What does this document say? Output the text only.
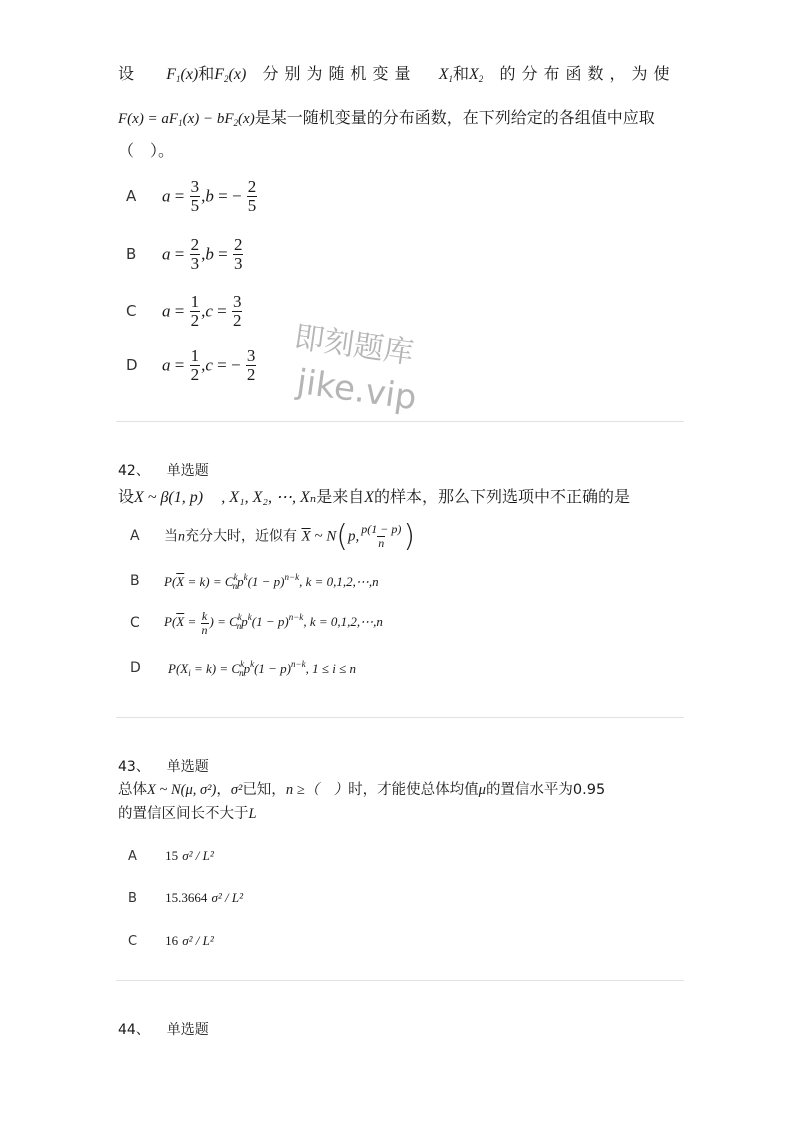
设 $F_1(x)$和$F_2(x)$ 分别为随机变量 $X_1$和$X_2$ 的分布函数，为使
$F(x) = aF_1(x) - bF_2(x)$是某一随机变量的分布函数，在下列给定的各组值中应取
（　）。
A	$a = \frac{3}{5} ,b$ = − $\frac{2}{5}$
B	$a = \frac{2}{3} ,b = \frac{2}{3}$
C	$a = \frac{1}{2} ,c = \frac{3}{2}$
D	$a = \frac{1}{2} ,c$ = − $\frac{3}{2}$ 即刻题库
jike.vip
42、 单选题
设X ~ β(1, p) , X₁, X₂, ⋯, Xₙ是来自X的样本，那么下列选项中不正确的是
A	当n充分大时，近似有 $\overline{X}$ ~ N(p, $\frac{p(1 - p)}{n}$ )
B	$P(\overline{X} = k) = C^k_np^k(1 - p)^{n-k}$, k = 0,1,2,⋯,n
C	$P(\overline{X} = \frac{k}{n}$ ) = $C^k_np^k(1 - p)^{n-k}$, k = 0,1,2,⋯,n
D	$P(X_i = k) = C^k_np^k(1 - p)^{n-k}$, 1 ≤ i ≤ n
43、 单选题
总体X ~ N(μ, σ²)，σ²已知，n ≥（　）时，才能使总体均值μ的置信水平为0.95
的置信区间长不大于L
A 15 σ² / L²
B 15.3664 σ² / L²
C 16 σ² / L²
44、 单选题
